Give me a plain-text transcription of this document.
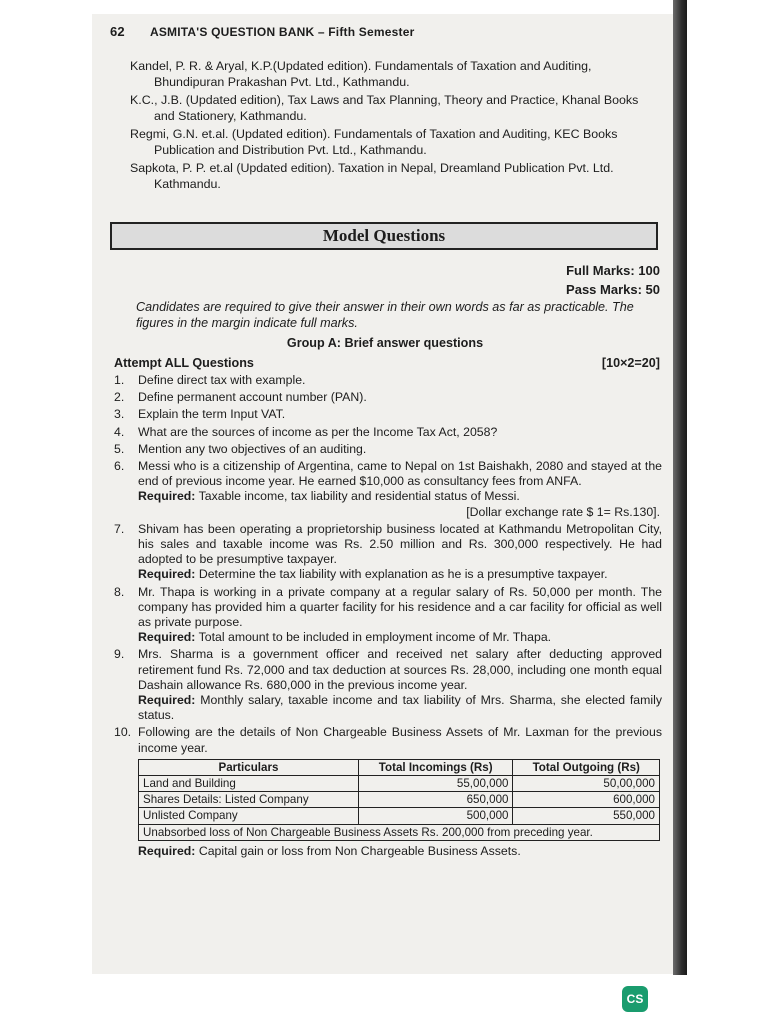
62 ASMITA'S QUESTION BANK – Fifth Semester
Kandel, P. R. & Aryal, K.P.(Updated edition). Fundamentals of Taxation and Auditing, Bhundipuran Prakashan Pvt. Ltd., Kathmandu.
K.C., J.B. (Updated edition), Tax Laws and Tax Planning, Theory and Practice, Khanal Books and Stationery, Kathmandu.
Regmi, G.N. et.al. (Updated edition). Fundamentals of Taxation and Auditing, KEC Books Publication and Distribution Pvt. Ltd., Kathmandu.
Sapkota, P. P. et.al (Updated edition). Taxation in Nepal, Dreamland Publication Pvt. Ltd. Kathmandu.
Model Questions
Full Marks: 100
Pass Marks: 50
Candidates are required to give their answer in their own words as far as practicable. The figures in the margin indicate full marks.
Group A: Brief answer questions
Attempt ALL Questions	[10×2=20]
1.	Define direct tax with example.
2.	Define permanent account number (PAN).
3.	Explain the term Input VAT.
4.	What are the sources of income as per the Income Tax Act, 2058?
5.	Mention any two objectives of an auditing.
6.	Messi who is a citizenship of Argentina, came to Nepal on 1st Baishakh, 2080 and stayed at the end of previous income year. He earned $10,000 as consultancy fees from ANFA.
Required: Taxable income, tax liability and residential status of Messi.
[Dollar exchange rate $ 1= Rs.130].
7.	Shivam has been operating a proprietorship business located at Kathmandu Metropolitan City, his sales and taxable income was Rs. 2.50 million and Rs. 300,000 respectively. He had adopted to be presumptive taxpayer.
Required: Determine the tax liability with explanation as he is a presumptive taxpayer.
8.	Mr. Thapa is working in a private company at a regular salary of Rs. 50,000 per month. The company has provided him a quarter facility for his residence and a car facility for official as well as private purpose.
Required: Total amount to be included in employment income of Mr. Thapa.
9.	Mrs. Sharma is a government officer and received net salary after deducting approved retirement fund Rs. 72,000 and tax deduction at sources Rs. 28,000, including one month equal Dashain allowance Rs. 680,000 in the previous income year.
Required: Monthly salary, taxable income and tax liability of Mrs. Sharma, she elected family status.
10. Following are the details of Non Chargeable Business Assets of Mr. Laxman for the previous income year.
Particulars	Total Incomings (Rs)	Total Outgoing (Rs)
Land and Building	55,00,000	50,00,000
Shares Details: Listed Company	650,000	600,000
Unlisted Company	500,000	550,000
Unabsorbed loss of Non Chargeable Business Assets Rs. 200,000 from preceding year.		
Required: Capital gain or loss from Non Chargeable Business Assets.
CS
